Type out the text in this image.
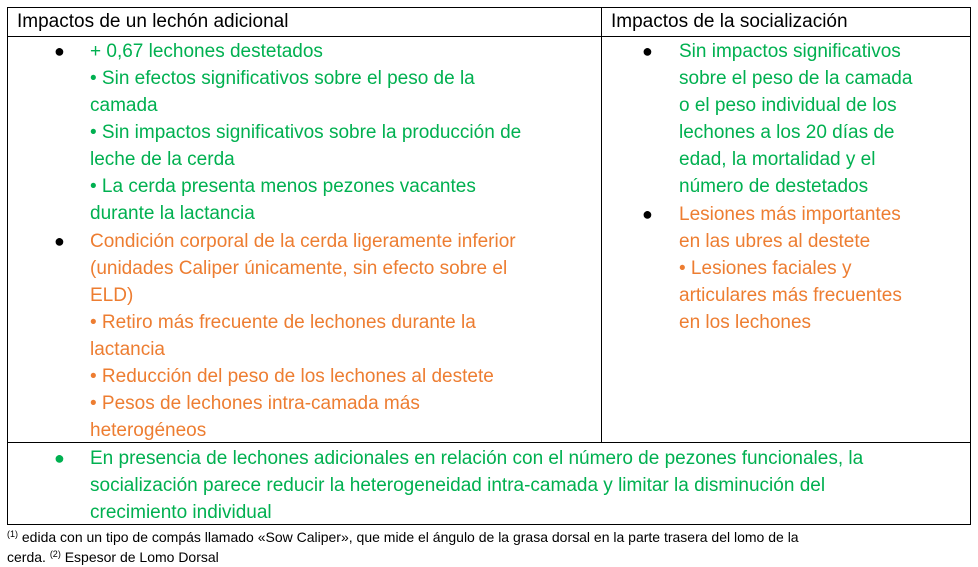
Impactos de un lechón adicional	Impactos de la socialización
● + 0,67 lechones destetados
• Sin efectos significativos sobre el peso de la
camada
• Sin impactos significativos sobre la producción de
leche de la cerda
• La cerda presenta menos pezones vacantes
durante la lactancia
● Condición corporal de la cerda ligeramente inferior
(unidades Caliper únicamente, sin efecto sobre el
ELD)
• Retiro más frecuente de lechones durante la
lactancia
• Reducción del peso de los lechones al destete
• Pesos de lechones intra-camada más
heterogéneos
● Sin impactos significativos
sobre el peso de la camada
o el peso individual de los
lechones a los 20 días de
edad, la mortalidad y el
número de destetados
● Lesiones más importantes
en las ubres al destete
• Lesiones faciales y
articulares más frecuentes
en los lechones
● En presencia de lechones adicionales en relación con el número de pezones funcionales, la
socialización parece reducir la heterogeneidad intra-camada y limitar la disminución del
crecimiento individual
$^{(1)}$ edida con un tipo de compás llamado «Sow Caliper», que mide el ángulo de la grasa dorsal en la parte trasera del lomo de la
cerda. $^{(2)}$ Espesor de Lomo Dorsal
